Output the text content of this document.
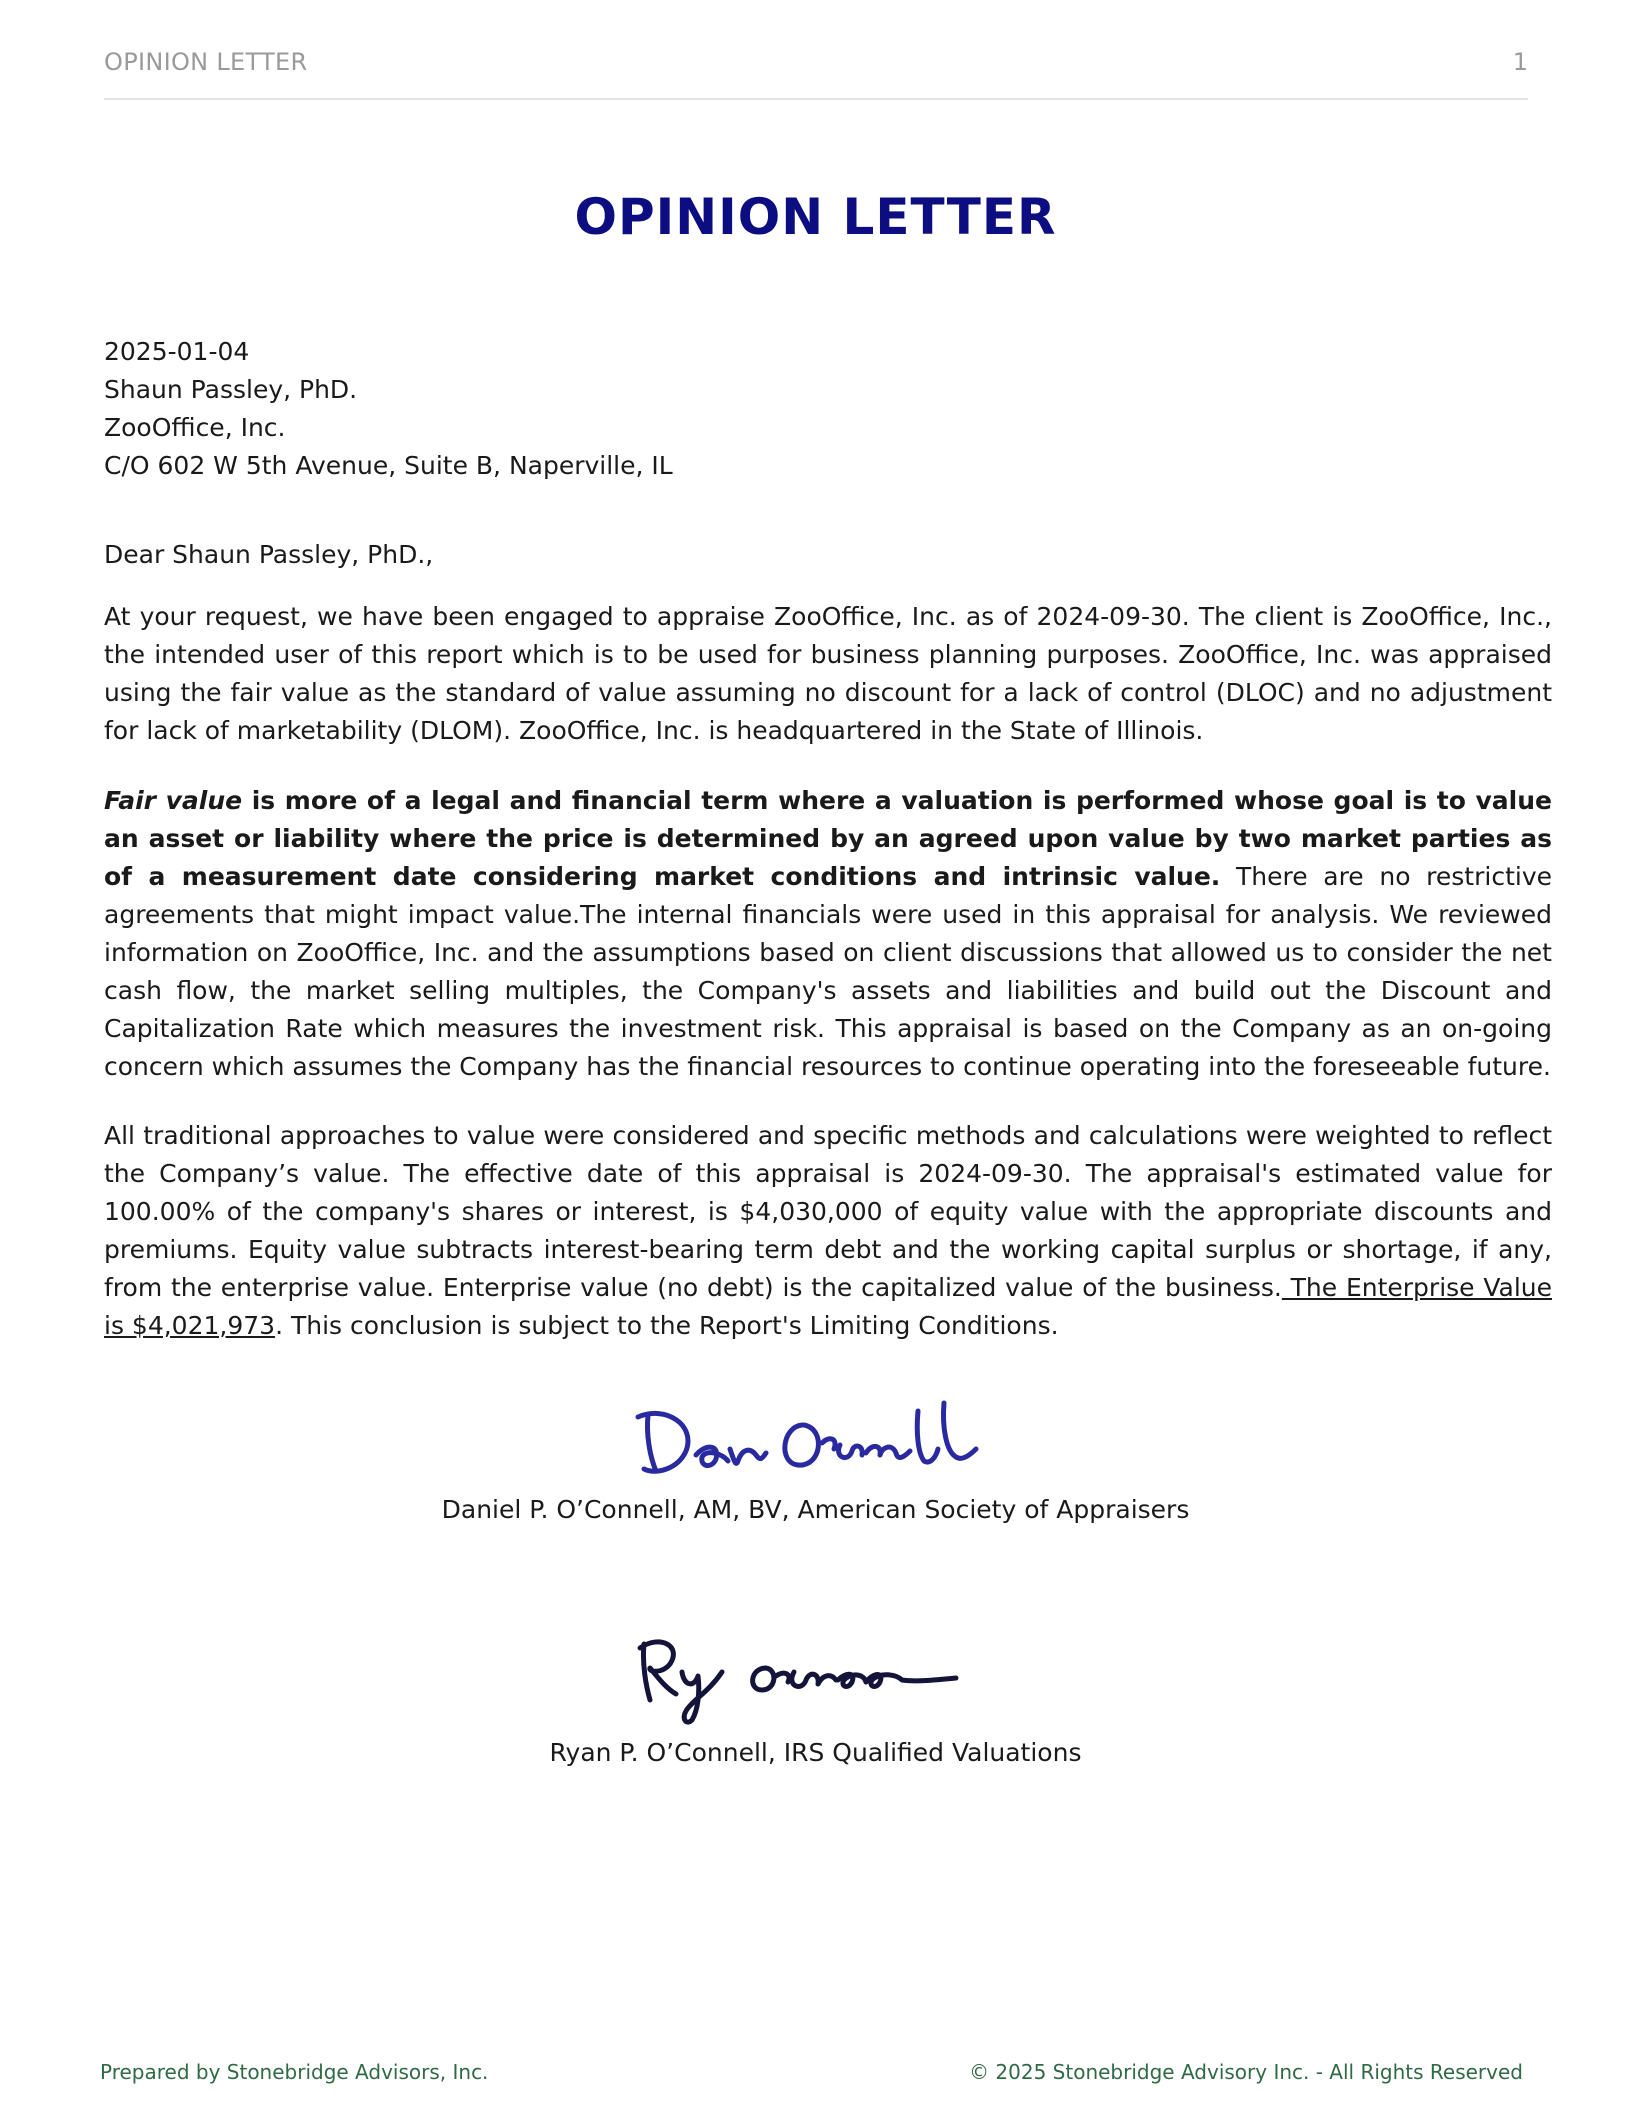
OPINION LETTER	1
OPINION LETTER
2025-01-04
Shaun Passley, PhD.
ZooOffice, Inc.
C/O 602 W 5th Avenue, Suite B, Naperville, IL
Dear Shaun Passley, PhD.,

At your request, we have been engaged to appraise ZooOffice, Inc. as of 2024-09-30. The client is ZooOffice, Inc., the intended user of this report which is to be used for business planning purposes. ZooOffice, Inc. was appraised using the fair value as the standard of value assuming no discount for a lack of control (DLOC) and no adjustment for lack of marketability (DLOM). ZooOffice, Inc. is headquartered in the State of Illinois.

Fair value is more of a legal and financial term where a valuation is performed whose goal is to value an asset or liability where the price is determined by an agreed upon value by two market parties as of a measurement date considering market conditions and intrinsic value. There are no restrictive agreements that might impact value.The internal financials were used in this appraisal for analysis. We reviewed information on ZooOffice, Inc. and the assumptions based on client discussions that allowed us to consider the net cash flow, the market selling multiples, the Company's assets and liabilities and build out the Discount and Capitalization Rate which measures the investment risk. This appraisal is based on the Company as an on-going concern which assumes the Company has the financial resources to continue operating into the foreseeable future.

All traditional approaches to value were considered and specific methods and calculations were weighted to reflect the Company’s value. The effective date of this appraisal is 2024-09-30. The appraisal's estimated value for 100.00% of the company's shares or interest, is $4,030,000 of equity value with the appropriate discounts and premiums. Equity value subtracts interest-bearing term debt and the working capital surplus or shortage, if any, from the enterprise value. Enterprise value (no debt) is the capitalized value of the business. The Enterprise Value is $4,021,973. This conclusion is subject to the Report's Limiting Conditions.

Daniel P. O’Connell, AM, BV, American Society of Appraisers
Ryan P. O’Connell, IRS Qualified Valuations
Prepared by Stonebridge Advisors, Inc.	© 2025 Stonebridge Advisory Inc. - All Rights Reserved
